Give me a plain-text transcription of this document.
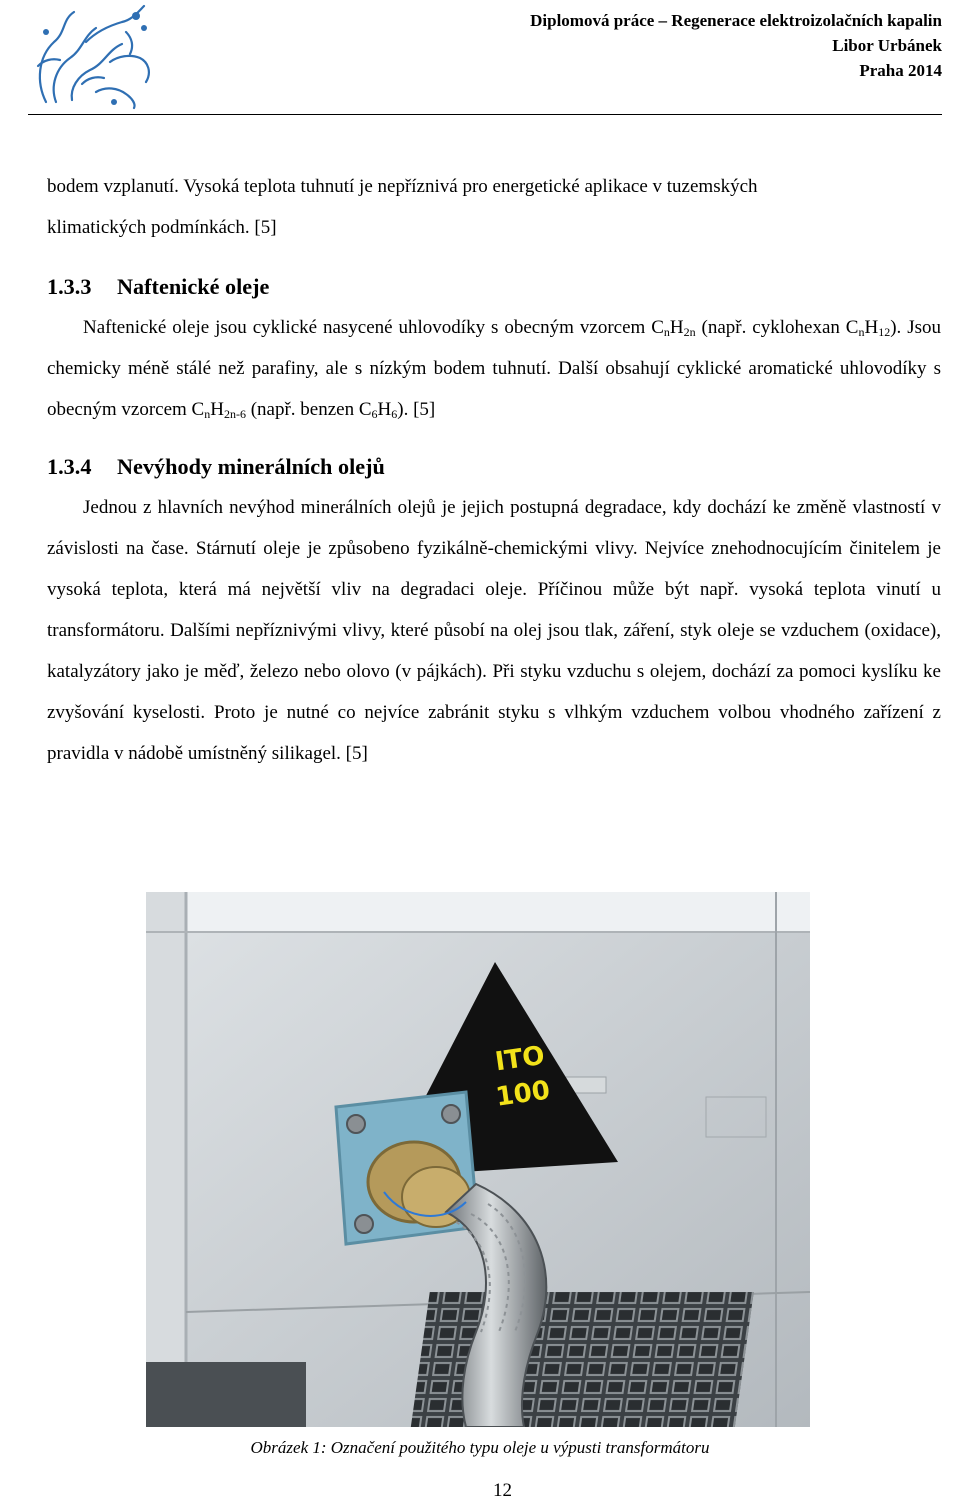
Diplomová práce – Regenerace elektroizolačních kapalin
Libor Urbánek
Praha 2014

bodem vzplanutí. Vysoká teplota tuhnutí je nepříznivá pro energetické aplikace v tuzemských
klimatických podmínkách. [5]

1.3.3 Naftenické oleje

Naftenické oleje jsou cyklické nasycené uhlovodíky s obecným vzorcem $C_nH_{2n}$ (např. cyklohexan $C_nH_{12}$). Jsou chemicky méně stálé než parafiny, ale s nízkým bodem tuhnutí. Další obsahují cyklické aromatické uhlovodíky s obecným vzorcem $C_nH_{2n-6}$ (např. benzen $C_6H_6$). [5]

1.3.4 Nevýhody minerálních olejů

Jednou z hlavních nevýhod minerálních olejů je jejich postupná degradace, kdy dochází ke změně vlastností v závislosti na čase. Stárnutí oleje je způsobeno fyzikálně-chemickými vlivy. Nejvíce znehodnocujícím činitelem je vysoká teplota, která má největší vliv na degradaci oleje. Příčinou může být např. vysoká teplota vinutí u transformátoru. Dalšími nepříznivými vlivy, které působí na olej jsou tlak, záření, styk oleje se vzduchem (oxidace), katalyzátory jako je měď, železo nebo olovo (v pájkách). Při styku vzduchu s olejem, dochází za pomoci kyslíku ke zvyšování kyselosti. Proto je nutné co nejvíce zabránit styku s vlhkým vzduchem volbou vhodného zařízení z pravidla v nádobě umístněný silikagel. [5]

ITO
100
Obrázek 1: Označení použitého typu oleje u výpusti transformátoru
12
